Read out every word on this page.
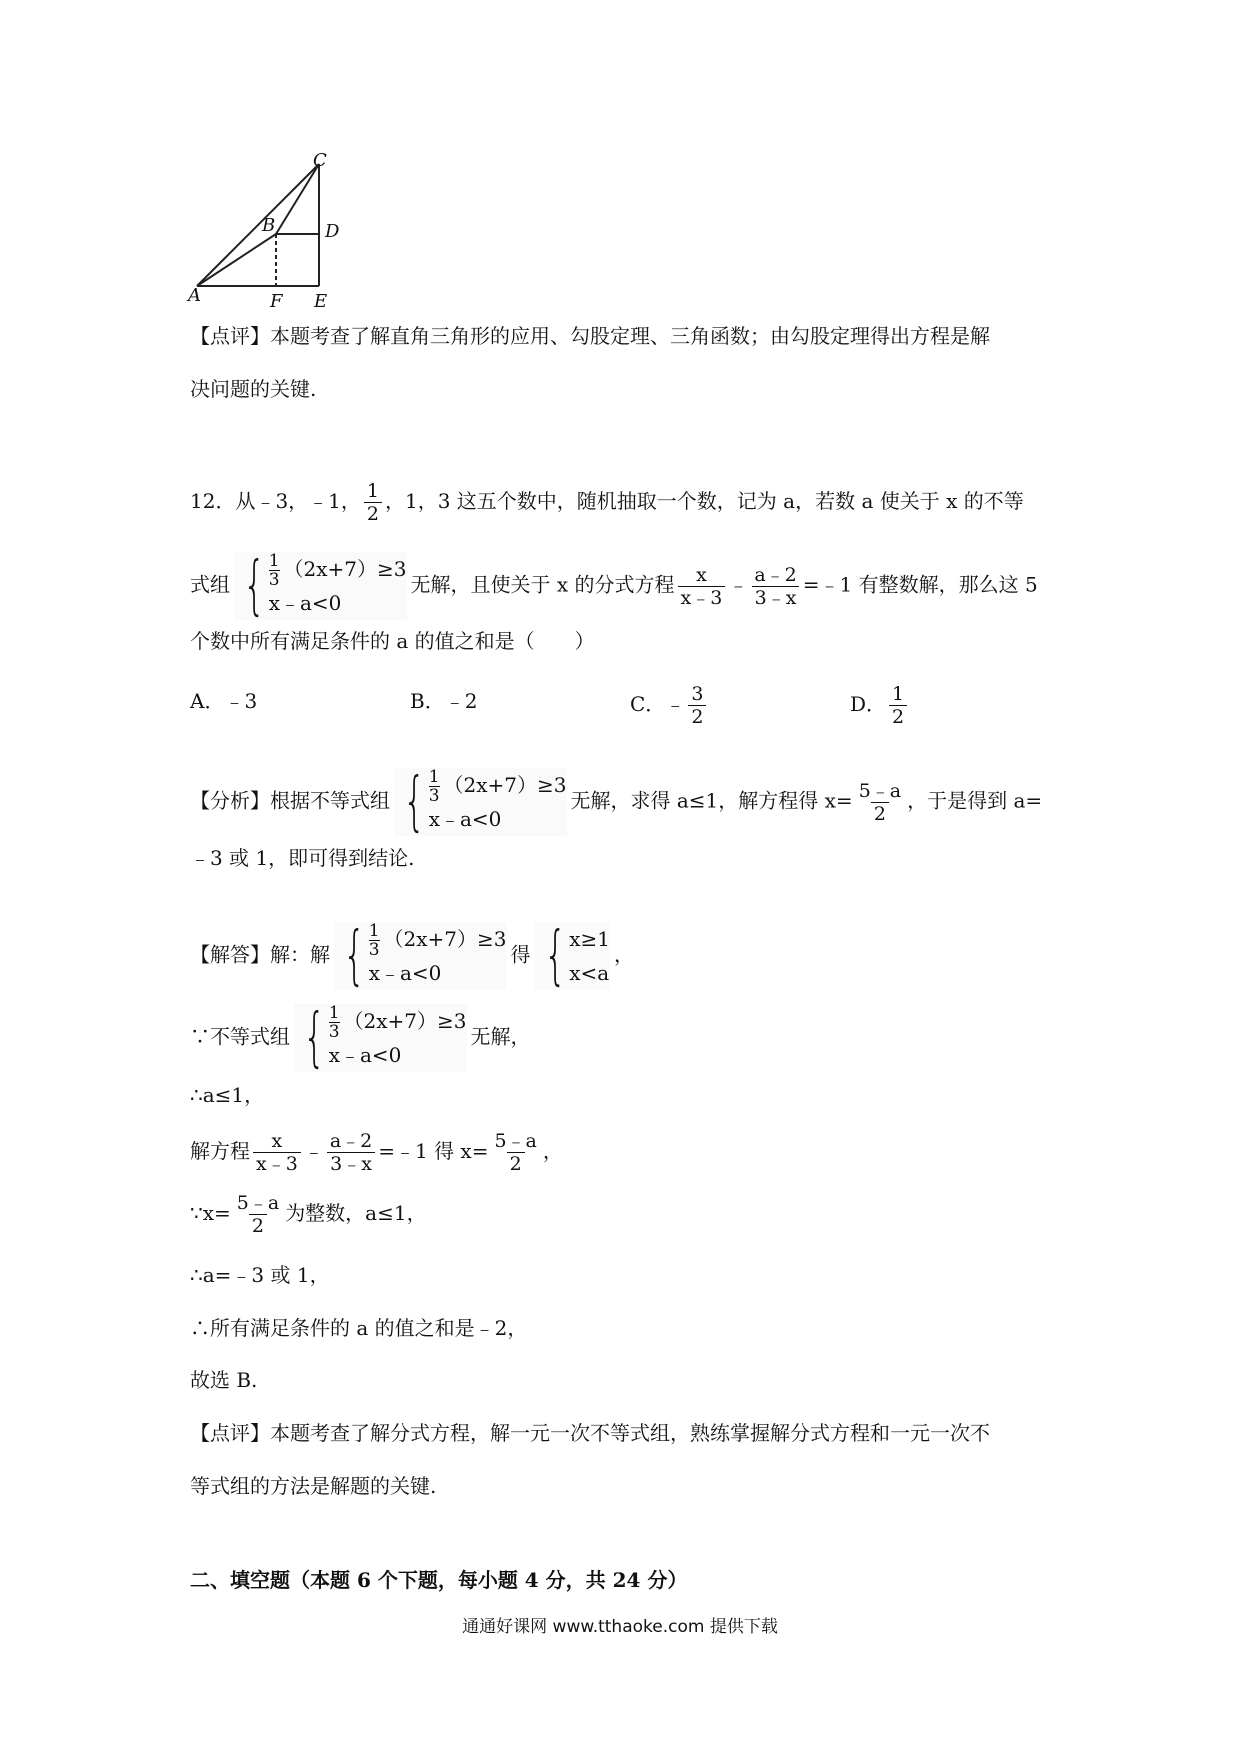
C
B	D
A	F E
【点评】本题考查了解直角三角形的应用、勾股定理、三角函数；由勾股定理得出方程是解
决问题的关键.
12．从﹣3，﹣1， $\frac{1}{2}$ ，1，3 这五个数中，随机抽取一个数，记为 a，若数 a 使关于 x 的不等
式组 { $\frac{1}{3} (2x+7)\ge 3$
x﹣a<0
无解，且使关于 x 的分式方程 $\frac{x}{x﹣3}$ ﹣ $\frac{a﹣2}{3﹣x}$ =﹣1 有整数解，那么这 5
个数中所有满足条件的 a 的值之和是（　　）
A．﹣3	B．﹣2	C．﹣ $\frac{3}{2}$	D． $\frac{1}{2}$
【分析】根据不等式组 { $\frac{1}{3} (2x+7)\ge 3$
x﹣a<0
无解，求得 a≤1，解方程得 $x= \frac{5﹣a}{2}$ ，于是得到 a=
﹣3 或 1，即可得到结论.
【解答】解：解 { $\frac{1}{3} (2x+7)\ge 3$
x﹣a<0
得 { x≥1
x<a
，
∵不等式组 { $\frac{1}{3} (2x+7)\ge 3$
x﹣a<0
无解，
∴a≤1，
解方程 $\frac{x}{x﹣3}$ ﹣ $\frac{a﹣2}{3﹣x}$ =﹣1 得 $x= \frac{5﹣a}{2}$ ，
∵x= $\frac{5﹣a}{2}$ 为整数，a≤1，
∴a=﹣3 或 1，
∴所有满足条件的 a 的值之和是﹣2，
故选 B.
【点评】本题考查了解分式方程，解一元一次不等式组，熟练掌握解分式方程和一元一次不
等式组的方法是解题的关键.
二、填空题（本题 6 个下题，每小题 4 分，共 24 分）
通通好课网 www.tthaoke.com 提供下载
